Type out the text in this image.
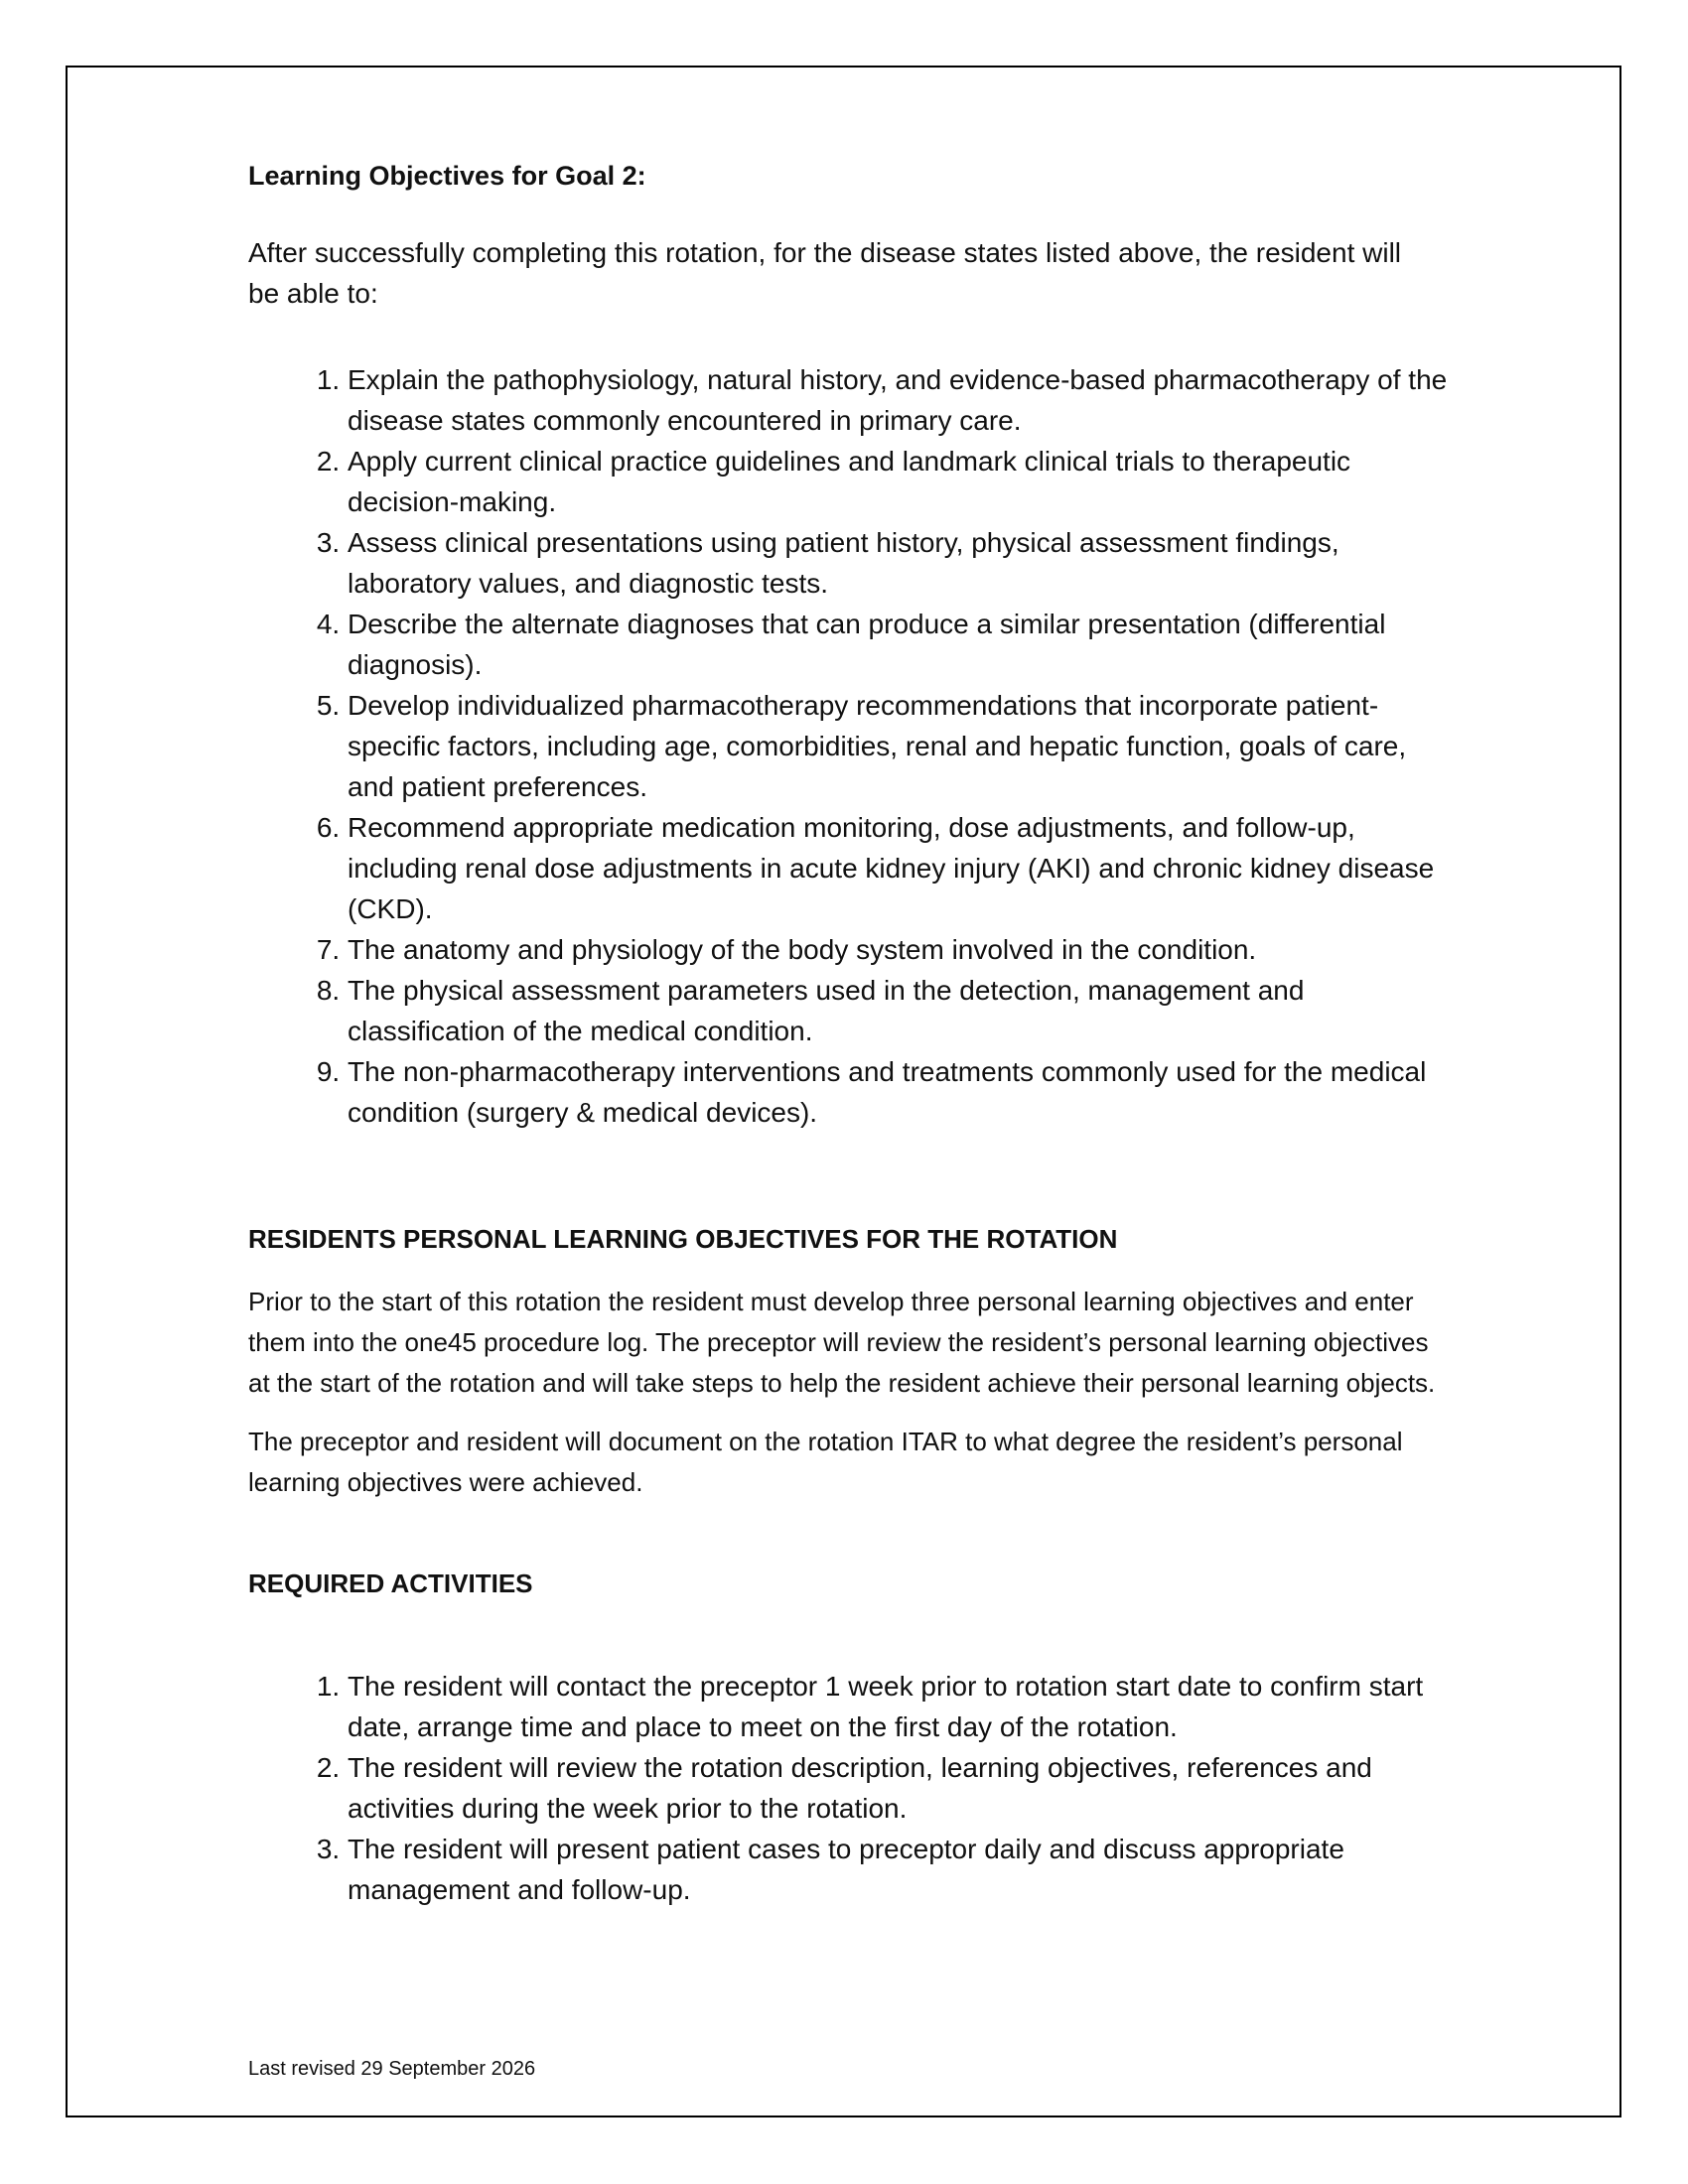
Learning Objectives for Goal 2:

After successfully completing this rotation, for the disease states listed above, the resident will be able to:

1. Explain the pathophysiology, natural history, and evidence-based pharmacotherapy of the disease states commonly encountered in primary care.
2. Apply current clinical practice guidelines and landmark clinical trials to therapeutic decision-making.
3. Assess clinical presentations using patient history, physical assessment findings, laboratory values, and diagnostic tests.
4. Describe the alternate diagnoses that can produce a similar presentation (differential diagnosis).
5. Develop individualized pharmacotherapy recommendations that incorporate patient-specific factors, including age, comorbidities, renal and hepatic function, goals of care, and patient preferences.
6. Recommend appropriate medication monitoring, dose adjustments, and follow-up, including renal dose adjustments in acute kidney injury (AKI) and chronic kidney disease (CKD).
7. The anatomy and physiology of the body system involved in the condition.
8. The physical assessment parameters used in the detection, management and classification of the medical condition.
9. The non-pharmacotherapy interventions and treatments commonly used for the medical condition (surgery & medical devices).

RESIDENTS PERSONAL LEARNING OBJECTIVES FOR THE ROTATION

Prior to the start of this rotation the resident must develop three personal learning objectives and enter them into the one45 procedure log. The preceptor will review the resident’s personal learning objectives at the start of the rotation and will take steps to help the resident achieve their personal learning objects.

The preceptor and resident will document on the rotation ITAR to what degree the resident’s personal learning objectives were achieved.

REQUIRED ACTIVITIES

1. The resident will contact the preceptor 1 week prior to rotation start date to confirm start date, arrange time and place to meet on the first day of the rotation.
2. The resident will review the rotation description, learning objectives, references and activities during the week prior to the rotation.
3. The resident will present patient cases to preceptor daily and discuss appropriate management and follow-up.
Last revised 29 September 2026
